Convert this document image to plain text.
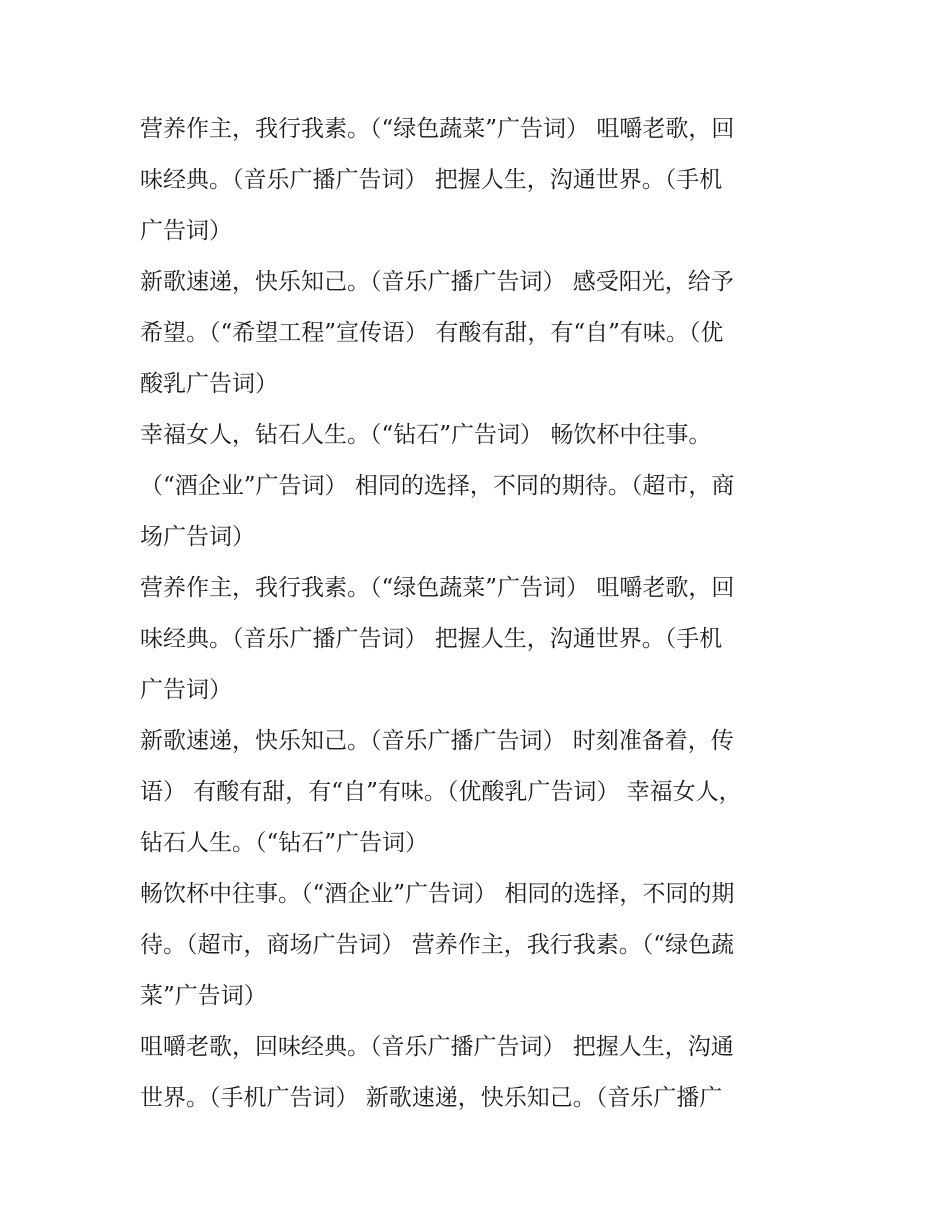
营养作主，我行我素。（“绿色蔬菜”广告词） 咀嚼老歌，回
味经典。（音乐广播广告词） 把握人生，沟通世界。（手机
广告词）
新歌速递，快乐知己。（音乐广播广告词） 感受阳光，给予
希望。（“希望工程”宣传语） 有酸有甜，有“自”有味。（优
酸乳广告词）
幸福女人，钻石人生。（“钻石”广告词） 畅饮杯中往事。
（“酒企业”广告词） 相同的选择，不同的期待。（超市，商
场广告词）
营养作主，我行我素。（“绿色蔬菜”广告词） 咀嚼老歌，回
味经典。（音乐广播广告词） 把握人生，沟通世界。（手机
广告词）
新歌速递，快乐知己。（音乐广播广告词） 时刻准备着，传
语） 有酸有甜，有“自”有味。（优酸乳广告词） 幸福女人，
钻石人生。（“钻石”广告词）
畅饮杯中往事。（“酒企业”广告词） 相同的选择，不同的期
待。（超市，商场广告词） 营养作主，我行我素。（“绿色蔬
菜”广告词）
咀嚼老歌，回味经典。（音乐广播广告词） 把握人生，沟通
世界。（手机广告词） 新歌速递，快乐知己。（音乐广播广
